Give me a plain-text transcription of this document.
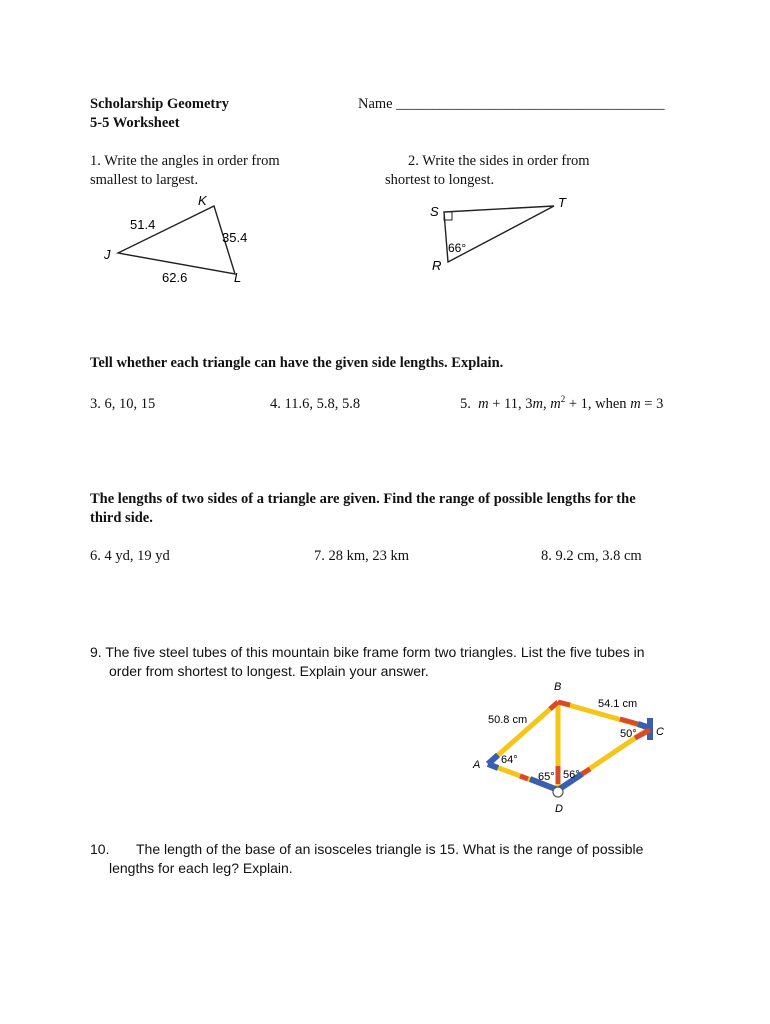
Scholarship Geometry
5-5 Worksheet
Name _____________________________________
1. Write the angles in order from
smallest to largest.
K
J
L
51.4
35.4
62.6
2. Write the sides in order from
shortest to longest.
S
T
R
66°
Tell whether each triangle can have the given side lengths. Explain.
3. 6, 10, 15	4. 11.6, 5.8, 5.8	5. m + 11, 3m, $m^2 + 1$, when m = 3
The lengths of two sides of a triangle are given. Find the range of possible lengths for the
third side.
6. 4 yd, 19 yd	7. 28 km, 23 km	8. 9.2 cm, 3.8 cm
9. The five steel tubes of this mountain bike frame form two triangles. List the five tubes in
order from shortest to longest. Explain your answer.
B
C
A
D
50.8 cm
54.1 cm
64°
50°
65° 56°
10. The length of the base of an isosceles triangle is 15. What is the range of possible
lengths for each leg? Explain.
